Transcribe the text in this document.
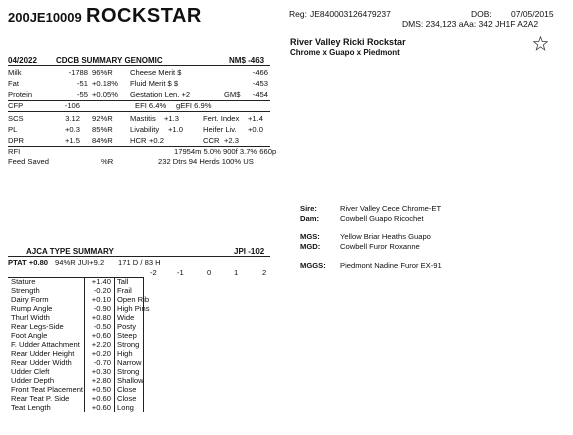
200JE10009 ROCKSTAR	Reg: JE840003126479237	DOB: 07/05/2015
DMS: 234,123 aAa: 342 JH1F A2A2
River Valley Ricki Rockstar
Chrome x Guapo x Piedmont
04/2022 CDCB SUMMARY GENOMIC	NM$ -463
Milk	-1788 96%R Cheese Merit $	-466
Fat	-51 +0.18% Fluid Merit $ $	-453
Protein	-55 +0.05% Gestation Len. +2	GM$	-454
CFP	-106	EFI 6.4% gEFI 6.9%
SCS	3.12 92%R Mastitis +1.3	Fert. Index +1.4
PL	+0.3 85%R Livability +1.0	Heifer Liv. +0.0
DPR	+1.5 84%R HCR +0.2	CCR +2.3
RFI	17954m 5.0% 900f 3.7% 660p
Feed Saved	%R	232 Dtrs 94 Herds 100% US
Sire:	River Valley Cece Chrome-ET
Dam:	Cowbell Guapo Ricochet
MGS:	Yellow Briar Heaths Guapo
MGD:	Cowbell Furor Roxanne
MGGS: Piedmont Nadine Furor EX-91
AJCA TYPE SUMMARY	JPI -102
PTAT +0.80 94%R JUI+9.2 171 D / 83 H
-2	-1	0	1	2
Stature	+1.40 Tall
Strength	-0.20 Frail
Dairy Form	+0.10 Open Rib
Rump Angle	-0.90 High Pins
Thurl Width	+0.80 Wide
Rear Legs-Side	-0.50 Posty
Foot Angle	+0.60 Steep
F. Udder Attachment	+2.20 Strong
Rear Udder Height	+0.20 High
Rear Udder Width	-0.70 Narrow
Udder Cleft	+0.30 Strong
Udder Depth	+2.80 Shallow
Front Teat Placement	+0.50 Close
Rear Teat P. Side	+0.60 Close
Teat Length	+0.60 Long
